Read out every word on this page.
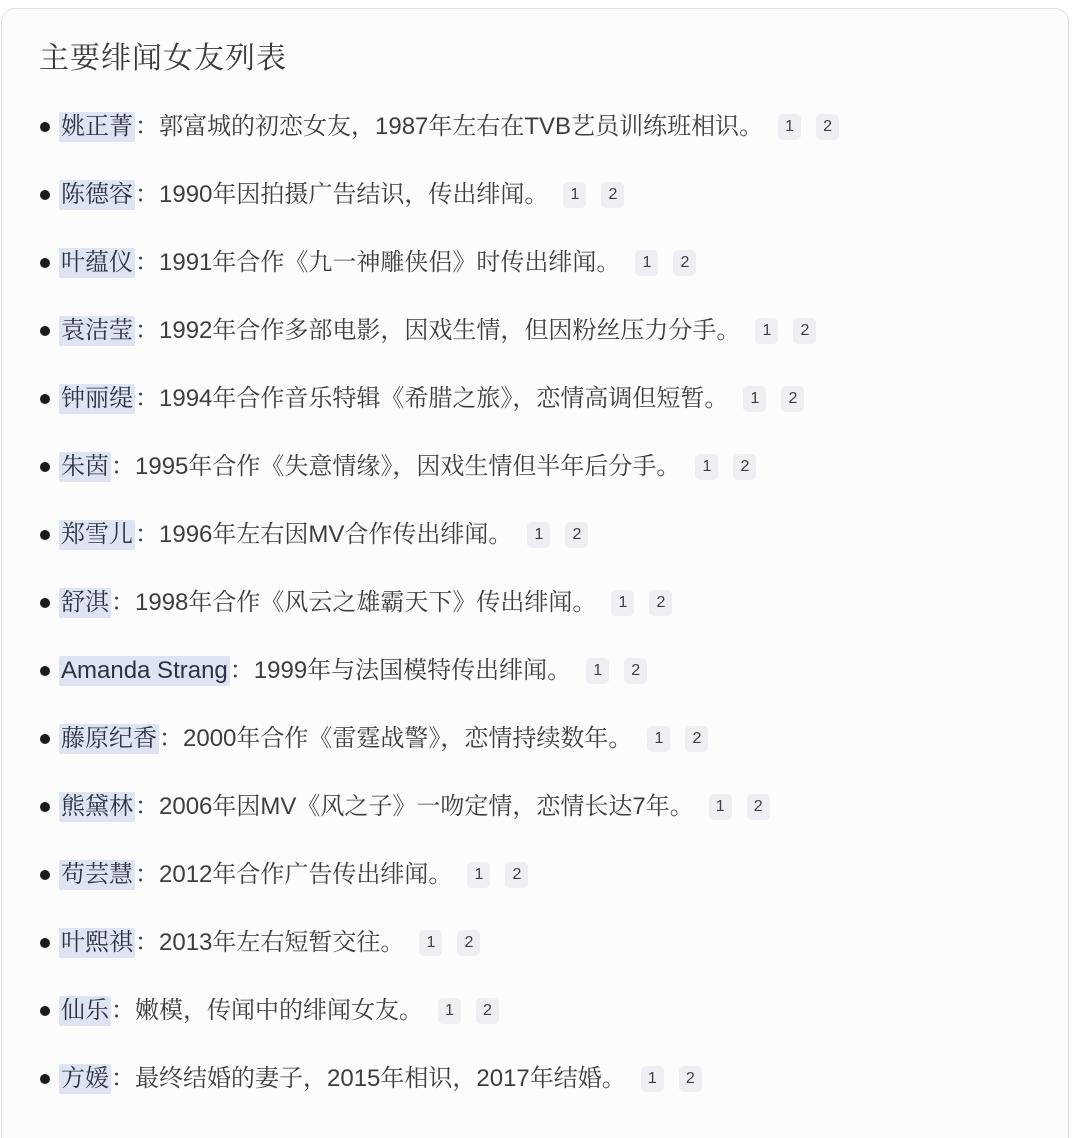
主要绯闻女友列表
姚正菁：郭富城的初恋女友，1987年左右在TVB艺员训练班相识。 1 2
陈德容：1990年因拍摄广告结识，传出绯闻。 1 2
叶蕴仪：1991年合作《九一神雕侠侣》时传出绯闻。 1 2
袁洁莹：1992年合作多部电影，因戏生情，但因粉丝压力分手。 1 2
钟丽缇：1994年合作音乐特辑《希腊之旅》，恋情高调但短暂。 1 2
朱茵：1995年合作《失意情缘》，因戏生情但半年后分手。 1 2
郑雪儿：1996年左右因MV合作传出绯闻。 1 2
舒淇：1998年合作《风云之雄霸天下》传出绯闻。 1 2
Amanda Strang：1999年与法国模特传出绯闻。 1 2
藤原纪香：2000年合作《雷霆战警》，恋情持续数年。 1 2
熊黛林：2006年因MV《风之子》一吻定情，恋情长达7年。 1 2
苟芸慧：2012年合作广告传出绯闻。 1 2
叶熙祺：2013年左右短暂交往。 1 2
仙乐：嫩模，传闻中的绯闻女友。 1 2
方媛：最终结婚的妻子，2015年相识，2017年结婚。 1 2
